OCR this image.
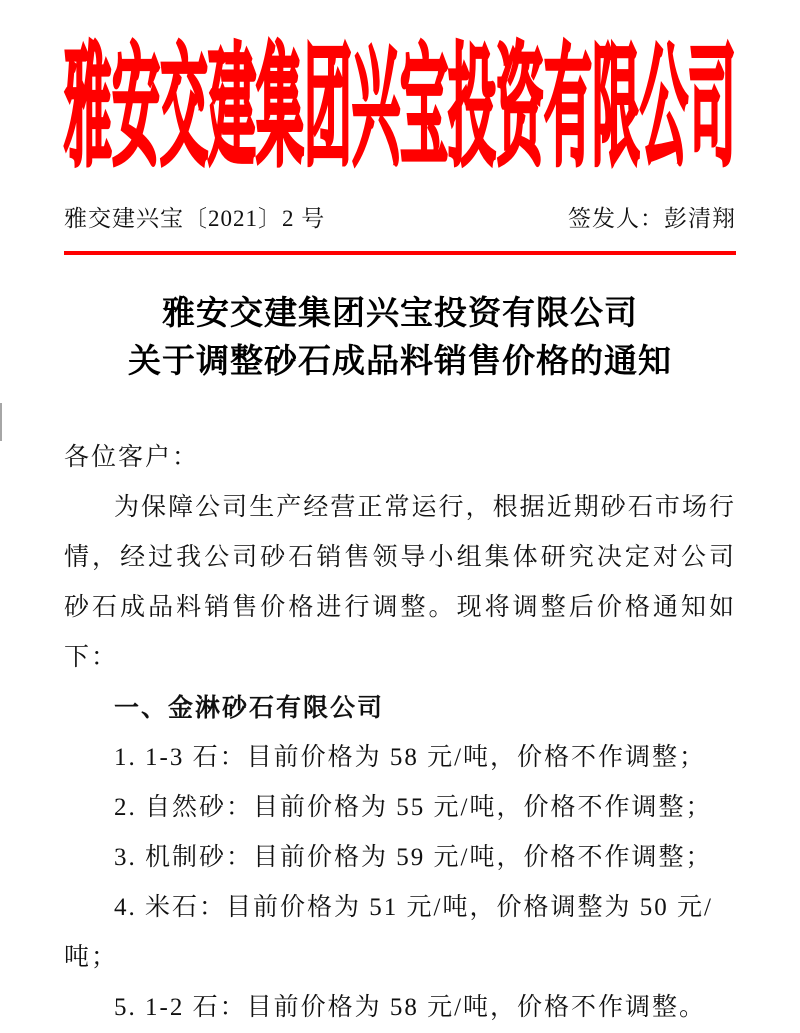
雅安交建集团兴宝投资有限公司
雅交建兴宝〔2021〕2 号	签发人：彭清翔
雅安交建集团兴宝投资有限公司
关于调整砂石成品料销售价格的通知

各位客户：

为保障公司生产经营正常运行，根据近期砂石市场行情，经过我公司砂石销售领导小组集体研究决定对公司砂石成品料销售价格进行调整。现将调整后价格通知如下：

一、金淋砂石有限公司

1. 1-3 石：目前价格为 58 元/吨，价格不作调整；

2. 自然砂：目前价格为 55 元/吨，价格不作调整；

3. 机制砂：目前价格为 59 元/吨，价格不作调整；

4. 米石：目前价格为 51 元/吨，价格调整为 50 元/吨；

5. 1-2 石：目前价格为 58 元/吨，价格不作调整。
